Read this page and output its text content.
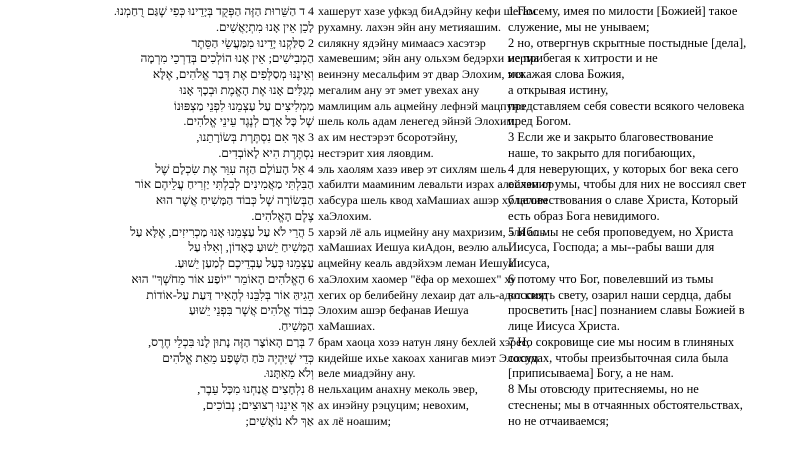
4 ד הַשֵּׁרוּת הַזֶּה הַפְּקֻד בְּיָדֵינוּ כְּפִי שֶׁגַּם רֻחַמְנוּ.
לָכֵן אֵין אָנוּ מִתְיָאֲשִׁים.
2 סִלַּקְנוּ יָדֵינוּ מִמַּעֲשֵׂי הַסֵּתֶר
הַמְבִישִׁים; אֵין אָנוּ הוֹלְכִים בְּדַרְכֵי מִרְמָה
וְאֵינֶנּוּ מְסַלְּפִים אֶת דְּבַר אֱלֹהִים, אֶלָּא
מְגַלִּים אָנוּ אֶת הָאֱמֶת וּבְכָךְ אָנוּ
מַמְלִיצִים עַל עַצְמֵנוּ לִפְנֵי מַצְפּוּנוֹ
שֶׁל כָּל אָדָם לְנֶגֶד עֵינֵי אֱלֹהִים.
3 אַךְ אִם נִסְתֶּרֶת בְּשׂוֹרָתֵנוּ,
נִסְתֶּרֶת הִיא לָאוֹבְדִים.
4 אֵל הָעוֹלָם הַזֶּה עִוֵּר אֶת שִׂכְלָם שֶׁל
הַבִּלְתִּי מַאֲמִינִים לְבִלְתִּי יַזְרִיחַ עֲלֵיהֶם אוֹר
הַבְּשׂוֹרָה שֶׁל כְּבוֹד הַמָּשִׁיחַ אֲשֶׁר הוּא
צֶלֶם הָאֱלֹהִים.
5 הֲרֵי לֹא עַל עַצְמֵנוּ אָנוּ מַכְרִיזִים, אֶלָּא עַל
הַמָּשִׁיחַ יֵשׁוּעַ כָּאָדוֹן, וְאִלּוּ עַל
עַצְמֵנוּ כְּעַל עַבְדֵיכֶם לְמַעַן יֵשׁוּעַ.
6 הָאֱלֹהִים הָאוֹמֵר "יוֹפַע אוֹר מֵחֹשֶׁךְ" הוּא
הֵגִיהַּ אוֹר בְּלִבֵּנוּ לְהָאִיר דַּעַת עַל-אוֹדוֹת
כְּבוֹד אֱלֹהִים אֲשֶׁר בִּפְנֵי יֵשׁוּעַ
הַמָּשִׁיחַ.
7 בְּרַם הָאוֹצָר הַזֶּה נָתוּן לָנוּ בִּכְלֵי חֶרֶס,
כְּדֵי שֶׁיִּהְיֶה כֹּחַ הַשֶּׁפַע מֵאֵת אֱלֹהִים
וְלֹא מֵאִתָּנוּ.
8 נִלְחָצִים אֲנַחְנוּ מִכָּל עֵבֶר,
אַךְ אֵינֵנוּ רְצוּצִים; נְבוֹכִים,
אַךְ לֹא נוֹאָשִׁים;
хашерут хазе уфкэд биАдэйну кефи шегам
рухамну. лахэн эйн ану метияашим.
силякну ядэйну мимаасэ хасэтэр
хамевешим; эйн ану ольхэм бедэрхи мерма
веинэну месальфим эт двар Элохим, эля
мегалим ану эт эмет увехах ану
мамлицим аль ацмейну лефнэй мацпуно
шель коль адам ленегед эйнэй Элохим.
ах им нестэрэт бсоротэйну,
нестэрит хия ляовдим.
эль хаолям хазэ ивер эт сихлям шель
хабилти мааминим левальти израх алейхэм ор
хабсура шель квод хаМашиах ашэр ху целим
хаЭлохим.
харэй лё аль ицмейну ану махризим, эля аль
хаМашиах Иешуа киАдон, веэлю аль
ацмейну кеаль авдэйхэм леман Иешуа.
хаЭлохим хаомер "ёфа ор мехошех" ху
хегих ор белибейну лехаир дат аль-адот квод
Элохим ашэр бефанав Иешуа
хаМашиах.
брам хаоца хозэ натун ляну бехлей хэрес,
кидейше ихье хакоах ханигав миэт Элохим
веле миадэйну ану.
нельхацим анахну меколь эвер,
ах инэйну рэцуцим; невохим,
ах лё ноашим;
1 Посему, имея по милости [Божией] такое
служение, мы не унываем;
2 но, отвергнув скрытные постыдные [дела],
не прибегая к хитрости и не
искажая слова Божия,
а открывая истину,
представляем себя совести всякого человека
пред Богом.
3 Если же и закрыто благовествование
наше, то закрыто для погибающих,
4 для неверующих, у которых бог века сего
ослепил умы, чтобы для них не воссиял свет
благовествования о славе Христа, Который
есть образ Бога невидимого.
5 Ибо мы не себя проповедуем, но Христа
Иисуса, Господа; а мы--рабы ваши для
Иисуса,
6 потому что Бог, повелевший из тьмы
воссиять свету, озарил наши сердца, дабы
просветить [нас] познанием славы Божией в
лице Иисуса Христа.
7 Но сокровище сие мы носим в глиняных
сосудах, чтобы преизбыточная сила была
[приписываема] Богу, а не нам.
8 Мы отовсюду притесняемы, но не
стеснены; мы в отчаянных обстоятельствах,
но не отчаиваемся;
